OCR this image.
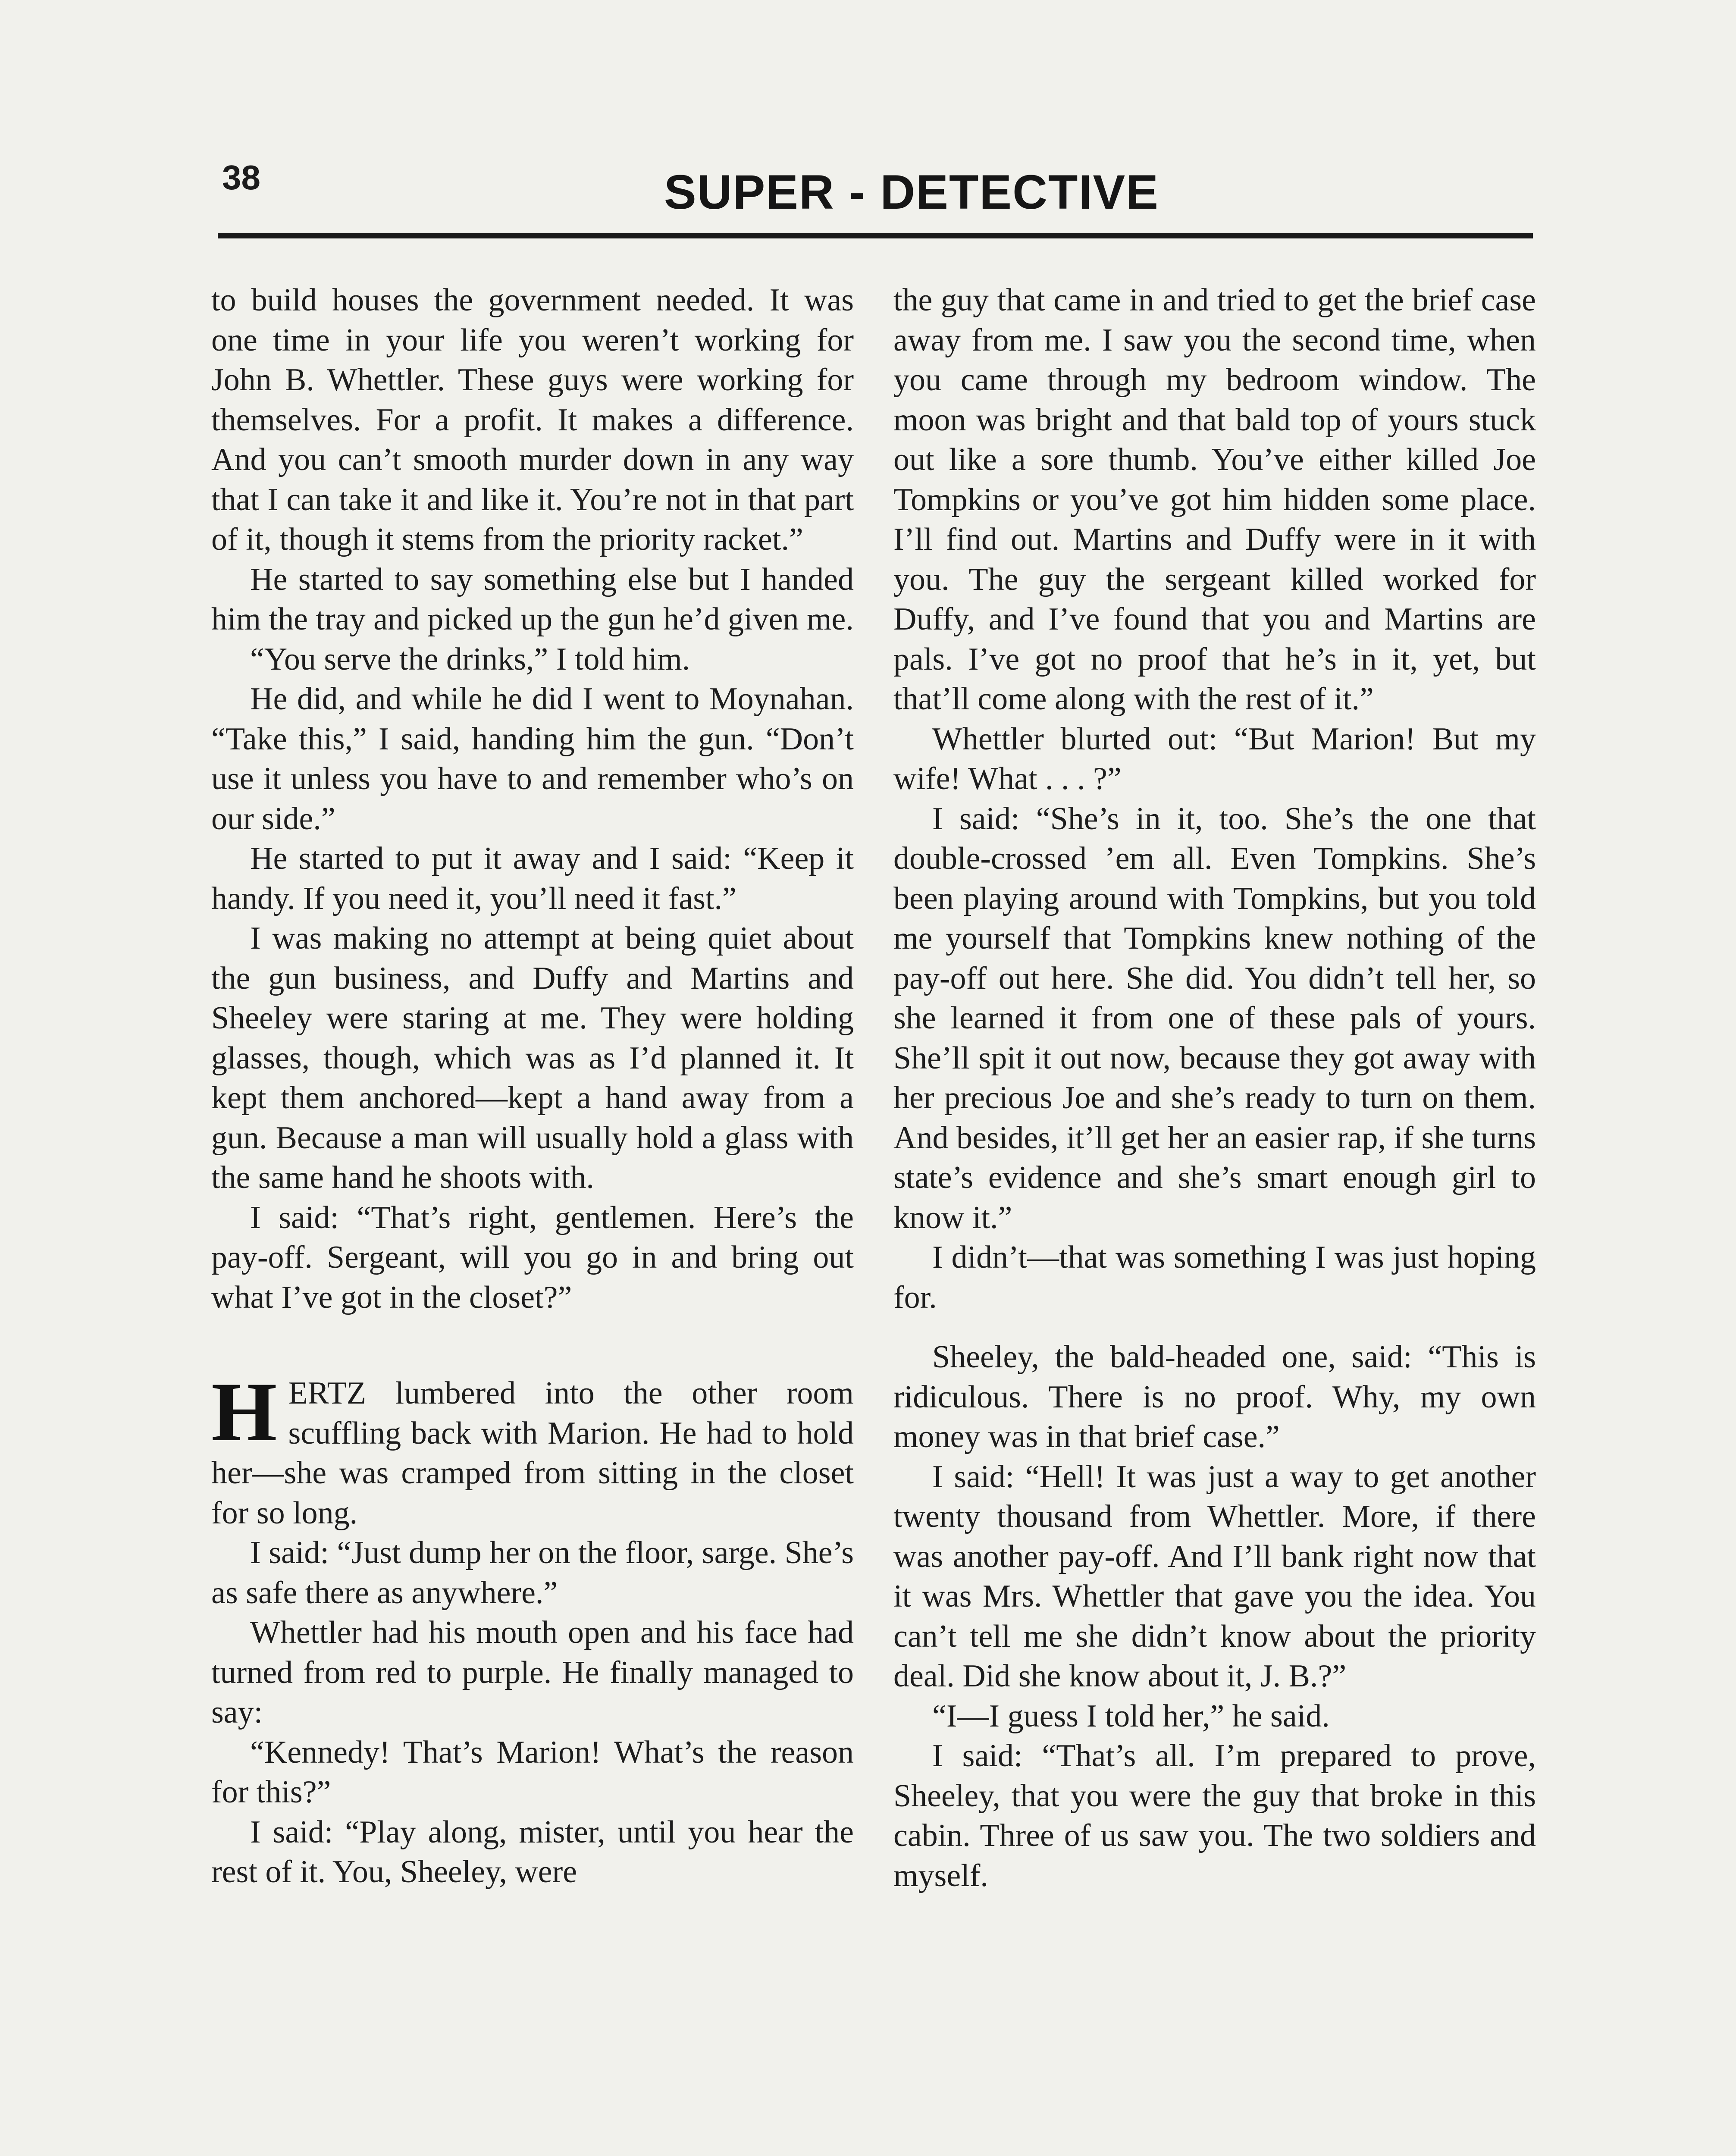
38	SUPER - DETECTIVE

to build houses the government needed. It was one time in your life you weren’t working for John B. Whettler. These guys were working for themselves. For a profit. It makes a difference. And you can’t smooth murder down in any way that I can take it and like it. You’re not in that part of it, though it stems from the priority racket.”

He started to say something else but I handed him the tray and picked up the gun he’d given me.

“You serve the drinks,” I told him.

He did, and while he did I went to Moynahan. “Take this,” I said, handing him the gun. “Don’t use it unless you have to and remember who’s on our side.”

He started to put it away and I said: “Keep it handy. If you need it, you’ll need it fast.”

I was making no attempt at being quiet about the gun business, and Duffy and Martins and Sheeley were staring at me. They were holding glasses, though, which was as I’d planned it. It kept them anchored—kept a hand away from a gun. Because a man will usually hold a glass with the same hand he shoots with.

I said: “That’s right, gentlemen. Here’s the pay-off. Sergeant, will you go in and bring out what I’ve got in the closet?”

HERTZ lumbered into the other room scuffling back with Marion. He had to hold her—she was cramped from sitting in the closet for so long.

I said: “Just dump her on the floor, sarge. She’s as safe there as anywhere.”

Whettler had his mouth open and his face had turned from red to purple. He finally managed to say:

“Kennedy! That’s Marion! What’s the reason for this?”

I said: “Play along, mister, until you hear the rest of it. You, Sheeley, were

the guy that came in and tried to get the brief case away from me. I saw you the second time, when you came through my bedroom window. The moon was bright and that bald top of yours stuck out like a sore thumb. You’ve either killed Joe Tompkins or you’ve got him hidden some place. I’ll find out. Martins and Duffy were in it with you. The guy the sergeant killed worked for Duffy, and I’ve found that you and Martins are pals. I’ve got no proof that he’s in it, yet, but that’ll come along with the rest of it.”

Whettler blurted out: “But Marion! But my wife! What . . . ?”

I said: “She’s in it, too. She’s the one that double-crossed ’em all. Even Tompkins. She’s been playing around with Tompkins, but you told me yourself that Tompkins knew nothing of the pay-off out here. She did. You didn’t tell her, so she learned it from one of these pals of yours. She’ll spit it out now, because they got away with her precious Joe and she’s ready to turn on them. And besides, it’ll get her an easier rap, if she turns state’s evidence and she’s smart enough girl to know it.”

I didn’t—that was something I was just hoping for.

Sheeley, the bald-headed one, said: “This is ridiculous. There is no proof. Why, my own money was in that brief case.”

I said: “Hell! It was just a way to get another twenty thousand from Whettler. More, if there was another pay-off. And I’ll bank right now that it was Mrs. Whettler that gave you the idea. You can’t tell me she didn’t know about the priority deal. Did she know about it, J. B.?”

“I—I guess I told her,” he said.

I said: “That’s all. I’m prepared to prove, Sheeley, that you were the guy that broke in this cabin. Three of us saw you. The two soldiers and myself.
